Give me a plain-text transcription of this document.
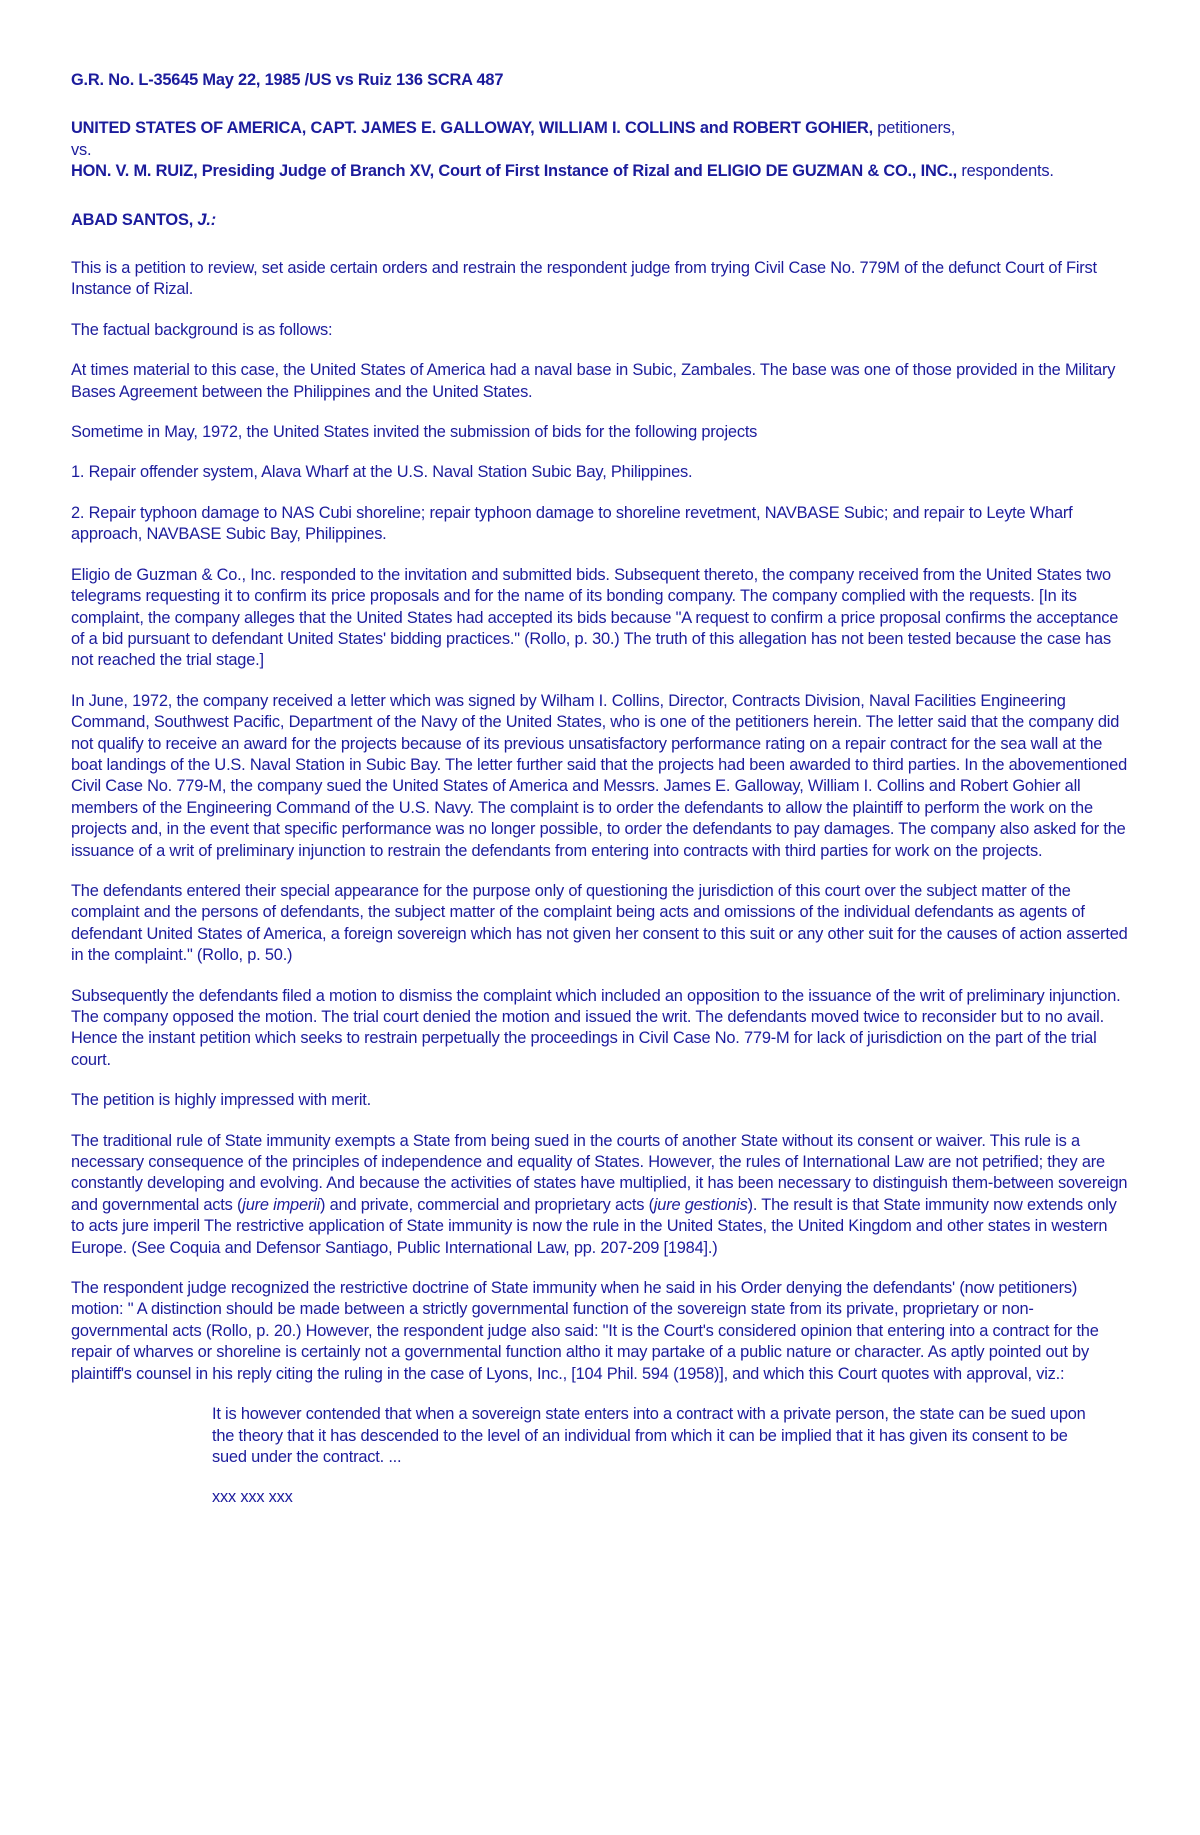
G.R. No. L-35645 May 22, 1985 /US vs Ruiz 136 SCRA 487

UNITED STATES OF AMERICA, CAPT. JAMES E. GALLOWAY, WILLIAM I. COLLINS and ROBERT GOHIER, petitioners,

vs.

HON. V. M. RUIZ, Presiding Judge of Branch XV, Court of First Instance of Rizal and ELIGIO DE GUZMAN & CO., INC., respondents.

ABAD SANTOS, J.:

This is a petition to review, set aside certain orders and restrain the respondent judge from trying Civil Case No. 779M of the defunct Court of First Instance of Rizal.

The factual background is as follows:

At times material to this case, the United States of America had a naval base in Subic, Zambales. The base was one of those provided in the Military Bases Agreement between the Philippines and the United States.

Sometime in May, 1972, the United States invited the submission of bids for the following projects

1. Repair offender system, Alava Wharf at the U.S. Naval Station Subic Bay, Philippines.

2. Repair typhoon damage to NAS Cubi shoreline; repair typhoon damage to shoreline revetment, NAVBASE Subic; and repair to Leyte Wharf approach, NAVBASE Subic Bay, Philippines.

Eligio de Guzman & Co., Inc. responded to the invitation and submitted bids. Subsequent thereto, the company received from the United States two telegrams requesting it to confirm its price proposals and for the name of its bonding company. The company complied with the requests. [In its complaint, the company alleges that the United States had accepted its bids because "A request to confirm a price proposal confirms the acceptance of a bid pursuant to defendant United States' bidding practices." (Rollo, p. 30.) The truth of this allegation has not been tested because the case has not reached the trial stage.]

In June, 1972, the company received a letter which was signed by Wilham I. Collins, Director, Contracts Division, Naval Facilities Engineering Command, Southwest Pacific, Department of the Navy of the United States, who is one of the petitioners herein. The letter said that the company did not qualify to receive an award for the projects because of its previous unsatisfactory performance rating on a repair contract for the sea wall at the boat landings of the U.S. Naval Station in Subic Bay. The letter further said that the projects had been awarded to third parties. In the abovementioned Civil Case No. 779-M, the company sued the United States of America and Messrs. James E. Galloway, William I. Collins and Robert Gohier all members of the Engineering Command of the U.S. Navy. The complaint is to order the defendants to allow the plaintiff to perform the work on the projects and, in the event that specific performance was no longer possible, to order the defendants to pay damages. The company also asked for the issuance of a writ of preliminary injunction to restrain the defendants from entering into contracts with third parties for work on the projects.

The defendants entered their special appearance for the purpose only of questioning the jurisdiction of this court over the subject matter of the complaint and the persons of defendants, the subject matter of the complaint being acts and omissions of the individual defendants as agents of defendant United States of America, a foreign sovereign which has not given her consent to this suit or any other suit for the causes of action asserted in the complaint." (Rollo, p. 50.)

Subsequently the defendants filed a motion to dismiss the complaint which included an opposition to the issuance of the writ of preliminary injunction. The company opposed the motion. The trial court denied the motion and issued the writ. The defendants moved twice to reconsider but to no avail. Hence the instant petition which seeks to restrain perpetually the proceedings in Civil Case No. 779-M for lack of jurisdiction on the part of the trial court.

The petition is highly impressed with merit.

The traditional rule of State immunity exempts a State from being sued in the courts of another State without its consent or waiver. This rule is a necessary consequence of the principles of independence and equality of States. However, the rules of International Law are not petrified; they are constantly developing and evolving. And because the activities of states have multiplied, it has been necessary to distinguish them-between sovereign and governmental acts (jure imperii) and private, commercial and proprietary acts (jure gestionis). The result is that State immunity now extends only to acts jure imperil The restrictive application of State immunity is now the rule in the United States, the United Kingdom and other states in western Europe. (See Coquia and Defensor Santiago, Public International Law, pp. 207-209 [1984].)

The respondent judge recognized the restrictive doctrine of State immunity when he said in his Order denying the defendants' (now petitioners) motion: " A distinction should be made between a strictly governmental function of the sovereign state from its private, proprietary or non- governmental acts (Rollo, p. 20.) However, the respondent judge also said: "It is the Court's considered opinion that entering into a contract for the repair of wharves or shoreline is certainly not a governmental function altho it may partake of a public nature or character. As aptly pointed out by plaintiff's counsel in his reply citing the ruling in the case of Lyons, Inc., [104 Phil. 594 (1958)], and which this Court quotes with approval, viz.:

It is however contended that when a sovereign state enters into a contract with a private person, the state can be sued upon the theory that it has descended to the level of an individual from which it can be implied that it has given its consent to be sued under the contract. ...

xxx xxx xxx
